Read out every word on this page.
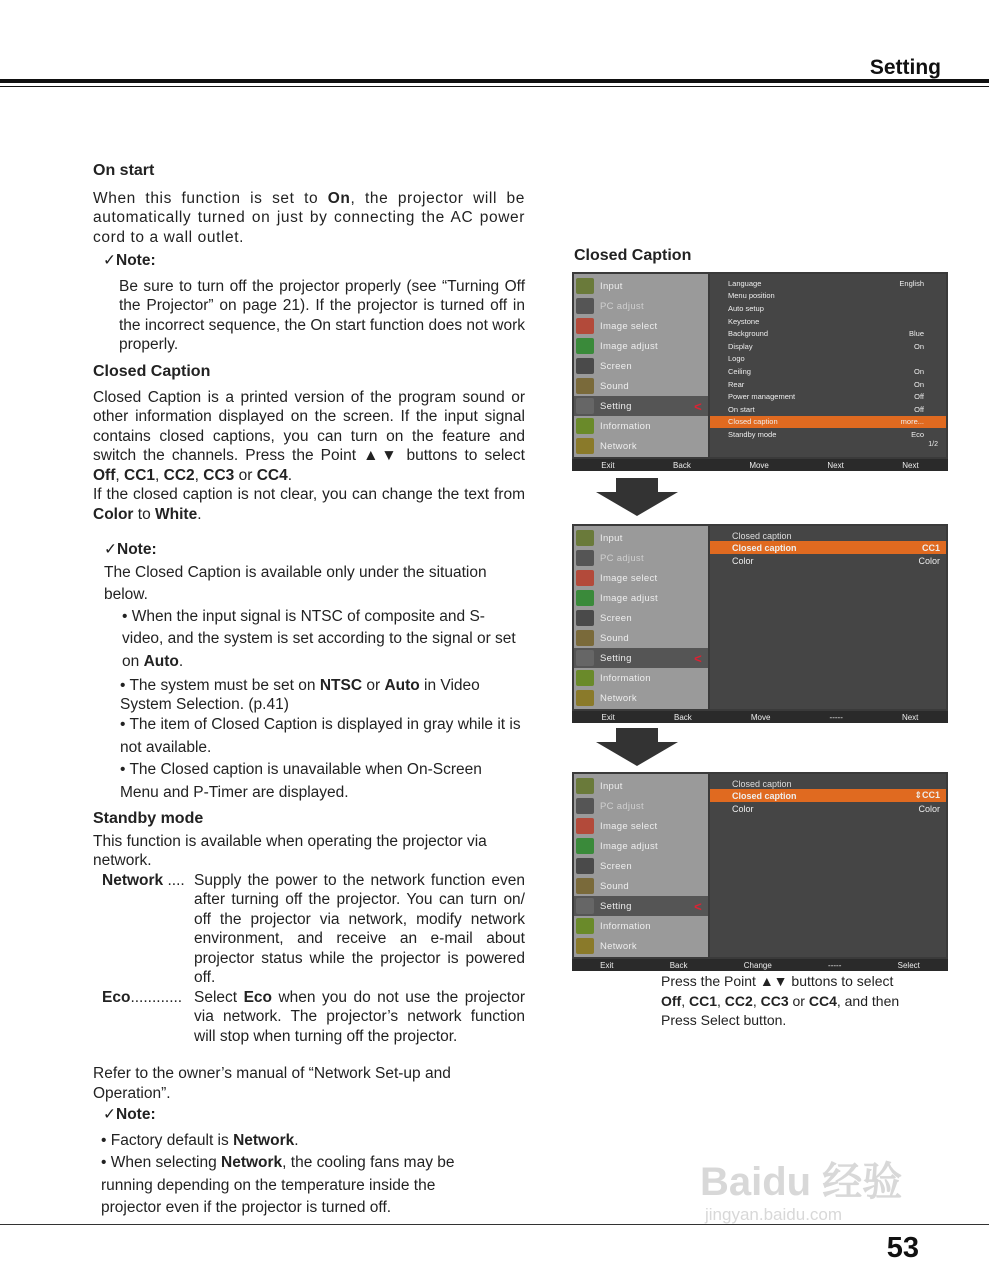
Setting
On start
When this function is set to On, the projector will be automatically turned on just by connecting the AC power cord to a wall outlet.
✓Note:
Be sure to turn off the projector properly (see “Turning Off the Projector” on page 21). If the projector is turned off in the incorrect sequence, the On start function does not work properly.
Closed Caption
Closed Caption is a printed version of the program sound or other information displayed on the screen. If the input signal contains closed captions, you can turn on the feature and switch the channels. Press the Point ▲▼ buttons to select Off, CC1, CC2, CC3 or CC4.
If the closed caption is not clear, you can change the text from Color to White.
✓Note:
The Closed Caption is available only under the situation below.
• When the input signal is NTSC of composite and S-video, and the system is set according to the signal or set on Auto.
• The system must be set on NTSC or Auto in Video System Selection. (p.41)
• The item of Closed Caption is displayed in gray while it is not available.
• The Closed caption is unavailable when On-Screen Menu and P-Timer are displayed.
Standby mode
This function is available when operating the projector via network.
Network .... Supply the power to the network function even after turning off the projector. You can turn on/ off the projector via network, modify network environment, and receive an e-mail about projector status while the projector is powered off.
Eco............ Select Eco when you do not use the projector via network. The projector’s network function will stop when turning off the projector.
Refer to the owner’s manual of “Network Set-up and Operation”.
✓Note:
• Factory default is Network.
• When selecting Network, the cooling fans may be running depending on the temperature inside the projector even if the projector is turned off.
Closed Caption
Input
PC adjust
Image select
Image adjust
Screen
Sound
Setting	<
Information
Network
Language	English
Menu position
Auto setup
Keystone
Background	Blue
Display	On
Logo
Ceiling	On
Rear	On
Power management	Off
On start	Off
Closed caption	more...
Standby mode	Eco
1/2
Exit	Back	Move	Next	Next
Input
PC adjust
Image select
Image adjust
Screen
Sound
Setting	<
Information
Network
Closed caption
Closed caption	CC1
Color	Color
Exit	Back	Move	-----	Next
Input
PC adjust
Image select
Image adjust
Screen
Sound
Setting	<
Information
Network
Closed caption
Closed caption	⇕CC1
Color	Color
Exit	Back	Change	-----	Select
Press the Point ▲▼ buttons to select Off, CC1, CC2, CC3 or CC4, and then Press Select button.
Baidu 经验
jingyan.baidu.com
53
